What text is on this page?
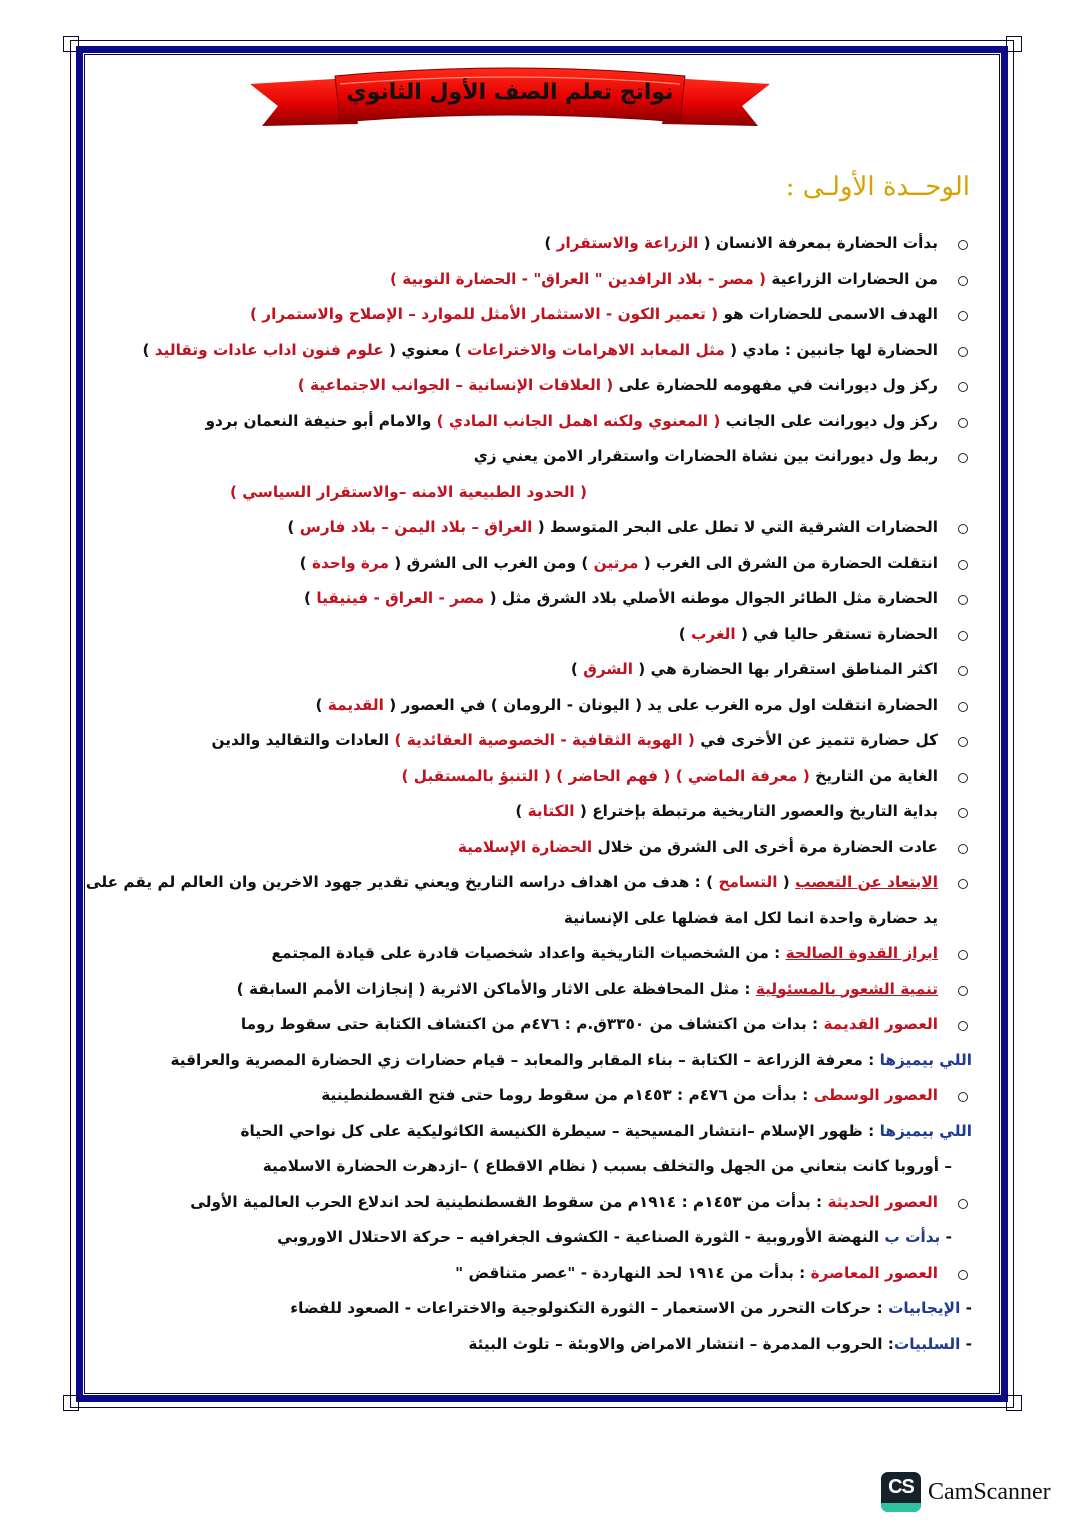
نواتج تعلم الصف الأول الثانوي
الوحــدة الأولـى :
بدأت الحضارة بمعرفة الانسان ( الزراعة والاستقرار )
من الحضارات الزراعية ( مصر - بلاد الرافدين " العراق" - الحضارة النوبية )
الهدف الاسمى للحضارات هو ( تعمير الكون - الاستثمار الأمثل للموارد – الإصلاح والاستمرار )
الحضارة لها جانبين : مادي ( مثل المعابد الاهرامات والاختراعات ) معنوي ( علوم فنون اداب عادات وتقاليد )
ركز ول ديورانت في مفهومه للحضارة على ( العلاقات الإنسانية – الجوانب الاجتماعية )
ركز ول ديورانت على الجانب ( المعنوي ولكنه اهمل الجانب المادي ) والامام أبو حنيفة النعمان بردو
ربط ول ديورانت بين نشاة الحضارات واستقرار الامن يعني زي
( الحدود الطبيعية الامنه –والاستقرار السياسي )
الحضارات الشرقية التي لا تطل على البحر المتوسط ( العراق – بلاد اليمن – بلاد فارس )
انتقلت الحضارة من الشرق الى الغرب ( مرتين ) ومن الغرب الى الشرق ( مرة واحدة )
الحضارة مثل الطائر الجوال موطنه الأصلي بلاد الشرق مثل ( مصر - العراق - فينيقيا )
الحضارة تستقر حاليا في ( الغرب )
اكثر المناطق استقرار بها الحضارة هي ( الشرق )
الحضارة انتقلت اول مره الغرب على يد ( اليونان - الرومان ) في العصور ( القديمة )
كل حضارة تتميز عن الأخرى في ( الهوية الثقافية - الخصوصية العقائدية ) العادات والتقاليد والدين
الغاية من التاريخ ( معرفة الماضي ) ( فهم الحاضر ) ( التنبؤ بالمستقبل )
بداية التاريخ والعصور التاريخية مرتبطة بإختراع ( الكتابة )
عادت الحضارة مرة أخرى الى الشرق من خلال الحضارة الإسلامية
الابتعاد عن التعصب ( التسامح ) : هدف من اهداف دراسه التاريخ ويعني تقدير جهود الاخرين وان العالم لم يقم على
يد حضارة واحدة انما لكل امة فضلها على الإنسانية
ابراز القدوة الصالحة : من الشخصيات التاريخية واعداد شخصيات قادرة على قيادة المجتمع
تنمية الشعور بالمسئولية : مثل المحافظة على الاثار والأماكن الاثرية ( إنجازات الأمم السابقة )
العصور القديمة : بدات من اكتشاف من ٣٣٥٠ق.م : ٤٧٦م من اكتشاف الكتابة حتى سقوط روما
اللي بيميزها : معرفة الزراعة – الكتابة – بناء المقابر والمعابد – قيام حضارات زي الحضارة المصرية والعراقية
العصور الوسطى : بدأت من ٤٧٦م : ١٤٥٣م من سقوط روما حتى فتح القسطنطينية
اللي بيميزها : ظهور الإسلام –انتشار المسيحية – سيطرة الكنيسة الكاثوليكية على كل نواحي الحياة
– أوروبا كانت بتعاني من الجهل والتخلف بسبب ( نظام الاقطاع ) –ازدهرت الحضارة الاسلامية
العصور الحديثة : بدأت من ١٤٥٣م : ١٩١٤م من سقوط القسطنطينية لحد اندلاع الحرب العالمية الأولى
- بدأت ب النهضة الأوروبية - الثورة الصناعية - الكشوف الجغرافيه – حركة الاحتلال الاوروبي
العصور المعاصرة : بدأت من ١٩١٤ لحد النهاردة - "عصر متناقض "
- الإيجابيات : حركات التحرر من الاستعمار – الثورة التكنولوجية والاختراعات - الصعود للفضاء
- السلبيات: الحروب المدمرة – انتشار الامراض والاوبئة – تلوث البيئة
CS CamScanner
